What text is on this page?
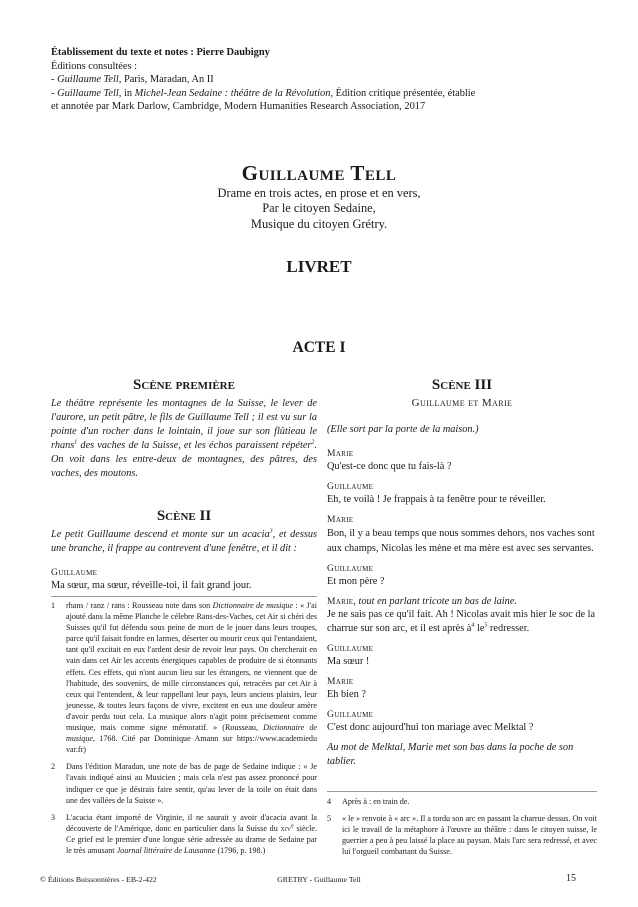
Établissement du texte et notes : Pierre Daubigny
Éditions consultées :
- Guillaume Tell, Paris, Maradan, An II
- Guillaume Tell, in Michel-Jean Sedaine : théâtre de la Révolution, Édition critique présentée, établie
et annotée par Mark Darlow, Cambridge, Modern Humanities Research Association, 2017
Guillaume Tell
Drame en trois actes, en prose et en vers,
Par le citoyen Sedaine,
Musique du citoyen Grétry.
LIVRET
ACTE I
Scène première
Le théâtre représente les montagnes de la Suisse, le lever de l'aurore, un petit pâtre, le fils de Guillaume Tell ; il est vu sur la pointe d'un rocher dans le lointain, il joue sur son flûtieau le rhans$^1$ des vaches de la Suisse, et les échos paraissent répéter$^2$. On voit dans les entre-deux de montagnes, des pâtres, des vaches, des moutons.
Scène II
Le petit Guillaume descend et monte sur un acacia$^3$, et dessus une branche, il frappe au contrevent d'une fenêtre, et il dit :
Guillaume
Ma sœur, ma sœur, réveille-toi, il fait grand jour.
1	rhans / ranz / rans : Rousseau note dans son Dictionnaire de musique : « J'ai ajouté dans la même Planche le célebre Rans-des-Vaches, cet Air si chéri des Suisses qu'il fut défendu sous peine de mort de le jouer dans leurs troupes, parce qu'il faisait fondre en larmes, déserter ou mourir ceux qui l'entandaient, tant qu'il excitait en eux l'ardent desir de revoir leur pays. On chercherait en vain dans cet Air les accents énergiques capables de produire de si étonnants effets. Ces effets, qui n'ont aucun lieu sur les étrangers, ne viennent que de l'habitude, des souvenirs, de mille circonstances qui, retracées par cet Air à ceux qui l'entendent, & leur rappellant leur pays, leurs anciens plaisirs, leur jeunesse, & toutes leurs façons de vivre, excitent en eux une douleur amère d'avoir perdu tout cela. La musique alors n'agit point précisement comme musique, mais comme signe mémoratif. » (Rousseau, Dictionnaire de musique, 1768. Cité par Dominique Amann sur https://www.academiedu var.fr)
2	Dans l'édition Maradan, une note de bas de page de Sedaine indique : « Je l'avais indiqué ainsi au Musicien ; mais cela n'est pas assez prononcé pour indiquer ce que je désirais faire sentir, qu'au lever de la toile on était dans une des vallées de la Suisse ».
3	L'acacia étant importé de Virginie, il ne saurait y avoir d'acacia avant la découverte de l'Amérique, donc en particulier dans la Suisse du xiv$^e$ siècle. Ce grief est le premier d'une longue série adressée au drame de Sedaine par le très amusant Journal littéraire de Lausanne (1796, p. 198.)
Scène III
Guillaume et Marie
(Elle sort par la porte de la maison.)
Marie
Qu'est-ce donc que tu fais-là ?
Guillaume
Eh, te voilà ! Je frappais à ta fenêtre pour te réveiller.
Marie
Bon, il y a beau temps que nous sommes dehors, nos vaches sont aux champs, Nicolas les mène et ma mère est avec ses servantes.
Guillaume
Et mon père ?
Marie, tout en parlant tricote un bas de laine.
Je ne sais pas ce qu'il fait. Ah ! Nicolas avait mis hier le soc de la charrue sur son arc, et il est après $à^4$ $le^5$ redresser.
Guillaume
Ma sœur !
Marie
Eh bien ?
Guillaume
C'est donc aujourd'hui ton mariage avec Melktal ?
Au mot de Melktal, Marie met son bas dans la poche de son tablier.
4	Après à : en train de.
5	« le » renvoie à « arc ». Il a tordu son arc en passant la charrue dessus. On voit ici le travail de la métaphore à l'œuvre au théâtre : dans le citoyen suisse, le guerrier a peu à peu laissé la place au paysan. Mais l'arc sera redressé, et avec lui l'orgueil combattant du Suisse.
© Éditions Buissonnières - EB-2-422	GRETRY - Guillaume Tell	15
